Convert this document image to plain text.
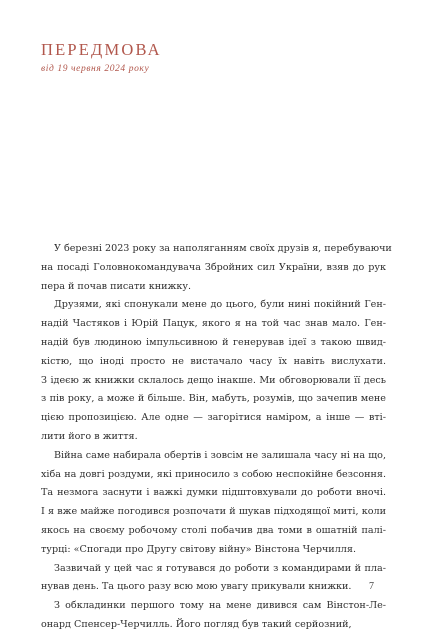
ПЕРЕДМОВА
від 19 червня 2024 року
У березні 2023 року за наполяганням своїх друзів я, перебуваючи
на посаді Головнокомандувача Збройних сил України, взяв до рук
пера й почав писати книжку.
Друзями, які спонукали мене до цього, були нині покійний Ген-
надій Частяков і Юрій Пацук, якого я на той час знав мало. Ген-
надій був людиною імпульсивною й генерував ідеї з такою швид-
кістю, що іноді просто не вистачало часу їх навіть вислухати.
З ідеєю ж книжки склалось дещо інакше. Ми обговорювали її десь
з пів року, а може й більше. Він, мабуть, розумів, що зачепив мене
цією пропозицією. Але одне — загорітися наміром, а інше — вті-
лити його в життя.
Війна саме набирала обертів і зовсім не залишала часу ні на що,
хіба на довгі роздуми, які приносило з собою неспокійне безсоння.
Та незмога заснути і важкі думки підштовхували до роботи вночі.
І я вже майже погодився розпочати й шукав підходящої миті, коли
якось на своєму робочому столі побачив два томи в ошатній палі-
турці: «Спогади про Другу світову війну» Вінстона Черчилля.
Зазвичай у цей час я готувався до роботи з командирами й пла-
нував день. Та цього разу всю мою увагу прикували книжки.
З обкладинки першого тому на мене дивився сам Вінстон-Ле-
онард Спенсер-Черчилль. Його погляд був такий серйозний,
7
